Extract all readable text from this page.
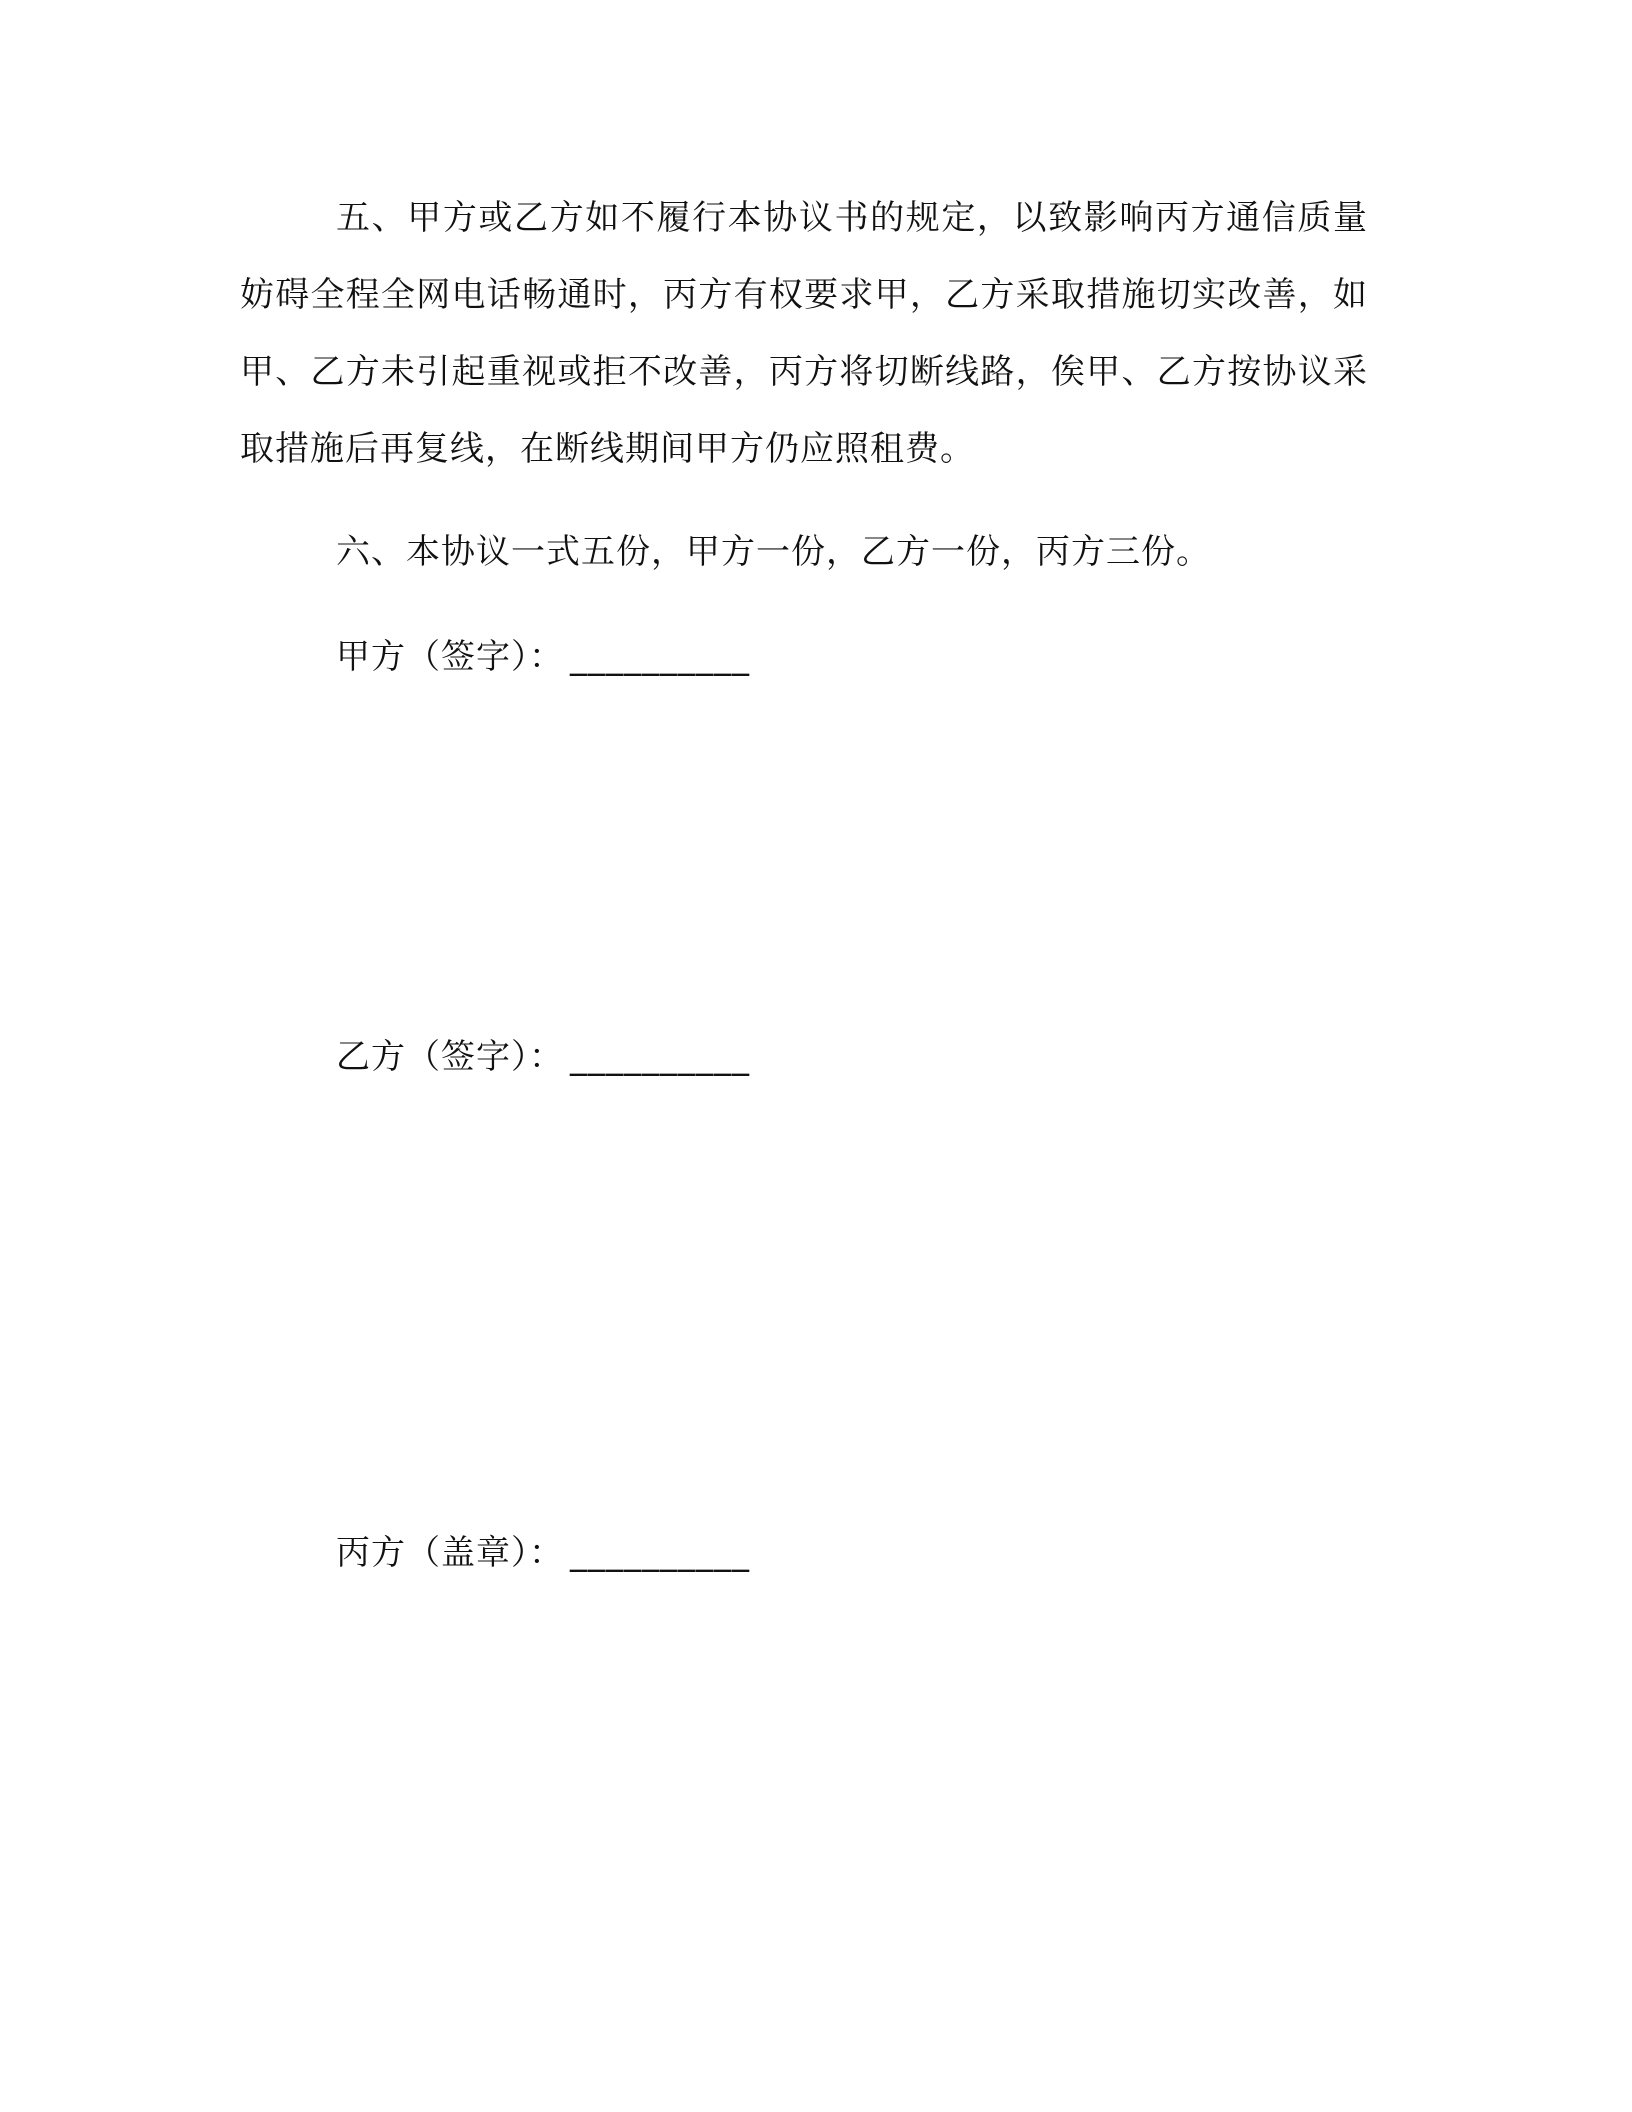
五、甲方或乙方如不履行本协议书的规定，以致影响丙方通信质量妨碍全程全网电话畅通时，丙方有权要求甲，乙方采取措施切实改善，如甲、乙方未引起重视或拒不改善，丙方将切断线路，俟甲、乙方按协议采取措施后再复线，在断线期间甲方仍应照租费。

六、本协议一式五份，甲方一份，乙方一份，丙方三份。

甲方（签字）： __________
乙方（签字）： __________
丙方（盖章）： __________
